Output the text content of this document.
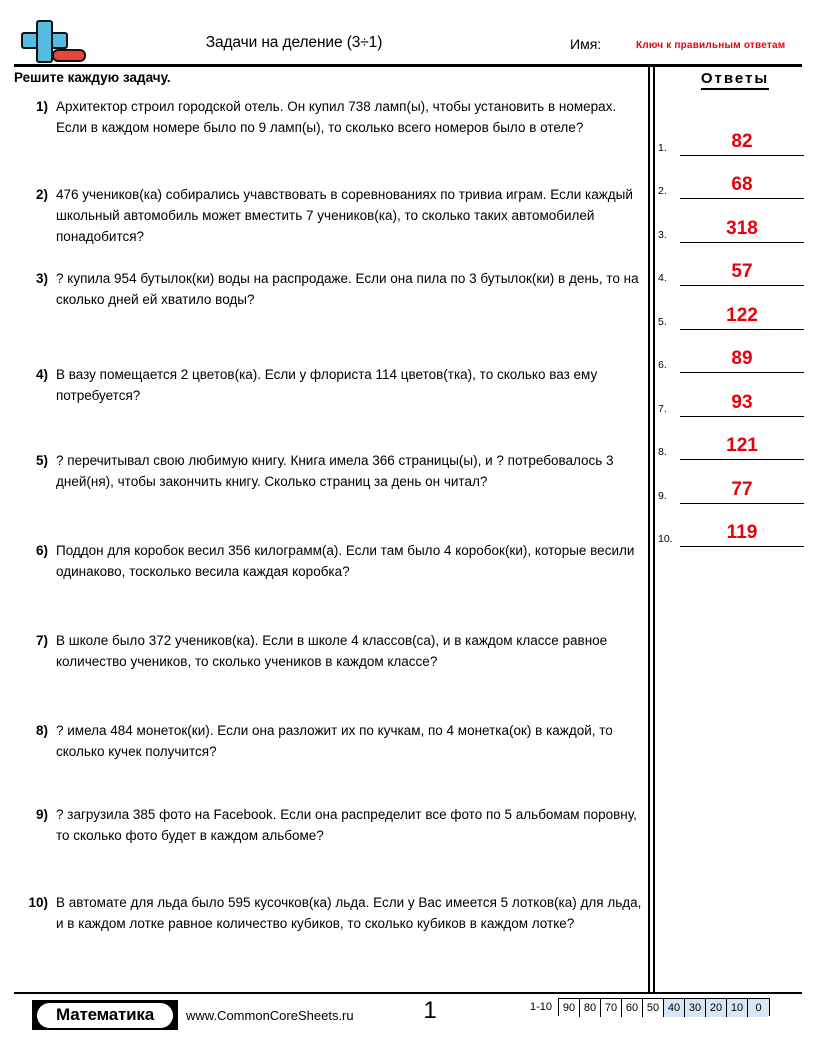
Задачи на деление (3÷1)	Имя:	Ключ к правильным ответам
Решите каждую задачу.	Ответы
1) Архитектор строил городской отель. Он купил 738 ламп(ы), чтобы установить в номерах. Если в каждом номере было по 9 ламп(ы), то сколько всего номеров было в отеле?
2) 476 учеников(ка) собирались учавствовать в соревнованиях по тривиа играм. Если каждый школьный автомобиль может вместить 7 учеников(ка), то сколько таких автомобилей понадобится?
3) ? купила 954 бутылок(ки) воды на распродаже. Если она пила по 3 бутылок(ки) в день, то на сколько дней ей хватило воды?
4) В вазу помещается 2 цветов(ка). Если у флориста 114 цветов(тка), то сколько ваз ему потребуется?
5) ? перечитывал свою любимую книгу. Книга имела 366 страницы(ы), и ? потребовалось 3 дней(ня), чтобы закончить книгу. Сколько страниц за день он читал?
6) Поддон для коробок весил 356 килограмм(а). Если там было 4 коробок(ки), которые весили одинаково, тосколько весила каждая коробка?
7) В школе было 372 учеников(ка). Если в школе 4 классов(са), и в каждом классе равное количество учеников, то сколько учеников в каждом классе?
8) ? имела 484 монеток(ки). Если она разложит их по кучкам, по 4 монетка(ок) в каждой, то сколько кучек получится?
9) ? загрузила 385 фото на Facebook. Если она распределит все фото по 5 альбомам поровну, то сколько фото будет в каждом альбоме?
10) В автомате для льда было 595 кусочков(ка) льда. Если у Вас имеется 5 лотков(ка) для льда, и в каждом лотке равное количество кубиков, то сколько кубиков в каждом лотке?
1.	82
2.	68
3.	318
4.	57
5.	122
6.	89
7.	93
8.	121
9.	77
10.	119
Математика	www.CommonCoreSheets.ru	1	1-10 90 80 70 60 50 40 30 20 10	0
